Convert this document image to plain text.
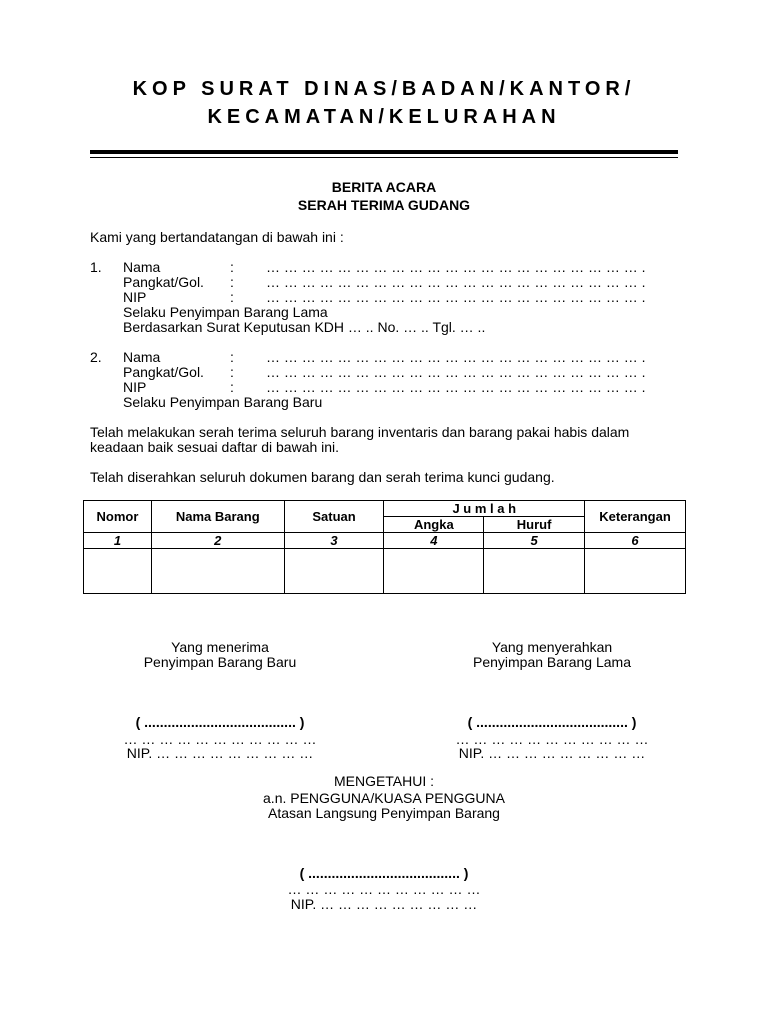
KOP SURAT DINAS/BADAN/KANTOR/
KECAMATAN/KELURAHAN
BERITA ACARA
SERAH TERIMA GUDANG
Kami yang bertandatangan di bawah ini :
1. Nama	: … … … … … … … … … … … … … … … … … … … … … .
Pangkat/Gol. : … … … … … … … … … … … … … … … … … … … … … .
NIP	: … … … … … … … … … … … … … … … … … … … … … .
Selaku Penyimpan Barang Lama
Berdasarkan Surat Keputusan KDH … .. No. … .. Tgl. … ..
2. Nama	: … … … … … … … … … … … … … … … … … … … … … .
Pangkat/Gol. : … … … … … … … … … … … … … … … … … … … … … .
NIP	: … … … … … … … … … … … … … … … … … … … … … .
Selaku Penyimpan Barang Baru
Telah melakukan serah terima seluruh barang inventaris dan barang pakai habis dalam
keadaan baik sesuai daftar di bawah ini.
Telah diserahkan seluruh dokumen barang dan serah terima kunci gudang.
Nomor	Nama Barang	Satuan	J u m l a h		Keterangan
			Angka	Huruf	
1	2	3	4	5	6

Yang menerima
Penyimpan Barang Baru
( ....................................... )
… … … … … … … … … … …
NIP. … … … … … … … … …
Yang menyerahkan
Penyimpan Barang Lama
( ....................................... )
… … … … … … … … … … …
NIP. … … … … … … … … …
MENGETAHUI :
a.n. PENGGUNA/KUASA PENGGUNA
Atasan Langsung Penyimpan Barang
( ....................................... )
… … … … … … … … … … …
NIP. … … … … … … … … …
